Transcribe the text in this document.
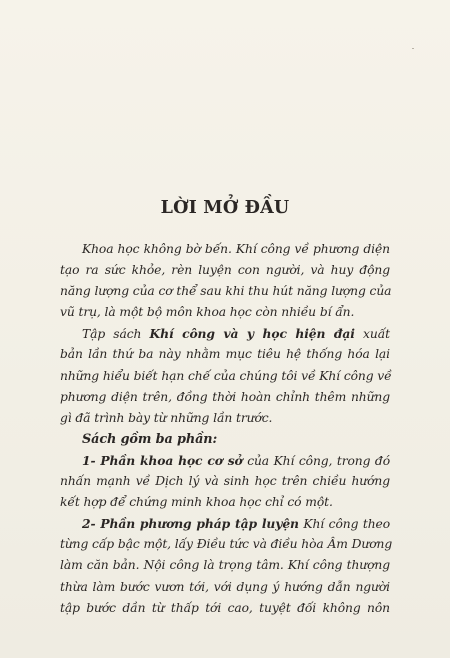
LỜI MỞ ĐẦU
Khoa học không bờ bến. Khí công về phương diện
tạo ra sức khỏe, rèn luyện con người, và huy động
năng lượng của cơ thể sau khi thu hút năng lượng của
vũ trụ, là một bộ môn khoa học còn nhiều bí ẩn.
Tập sách Khí công và y học hiện đại xuất
bản lần thứ ba này nhằm mục tiêu hệ thống hóa lại
những hiểu biết hạn chế của chúng tôi về Khí công về
phương diện trên, đồng thời hoàn chỉnh thêm những
gì đã trình bày từ những lần trước.
Sách gồm ba phần:
1- Phần khoa học cơ sở của Khí công, trong đó
nhấn mạnh về Dịch lý và sinh học trên chiều hướng
kết hợp để chứng minh khoa học chỉ có một.
2- Phần phương pháp tập luyện Khí công theo
từng cấp bậc một, lấy Điều tức và điều hòa Âm Dương
làm căn bản. Nội công là trọng tâm. Khí công thượng
thừa làm bước vươn tới, với dụng ý hướng dẫn người
tập bước dần từ thấp tới cao, tuyệt đối không nôn
